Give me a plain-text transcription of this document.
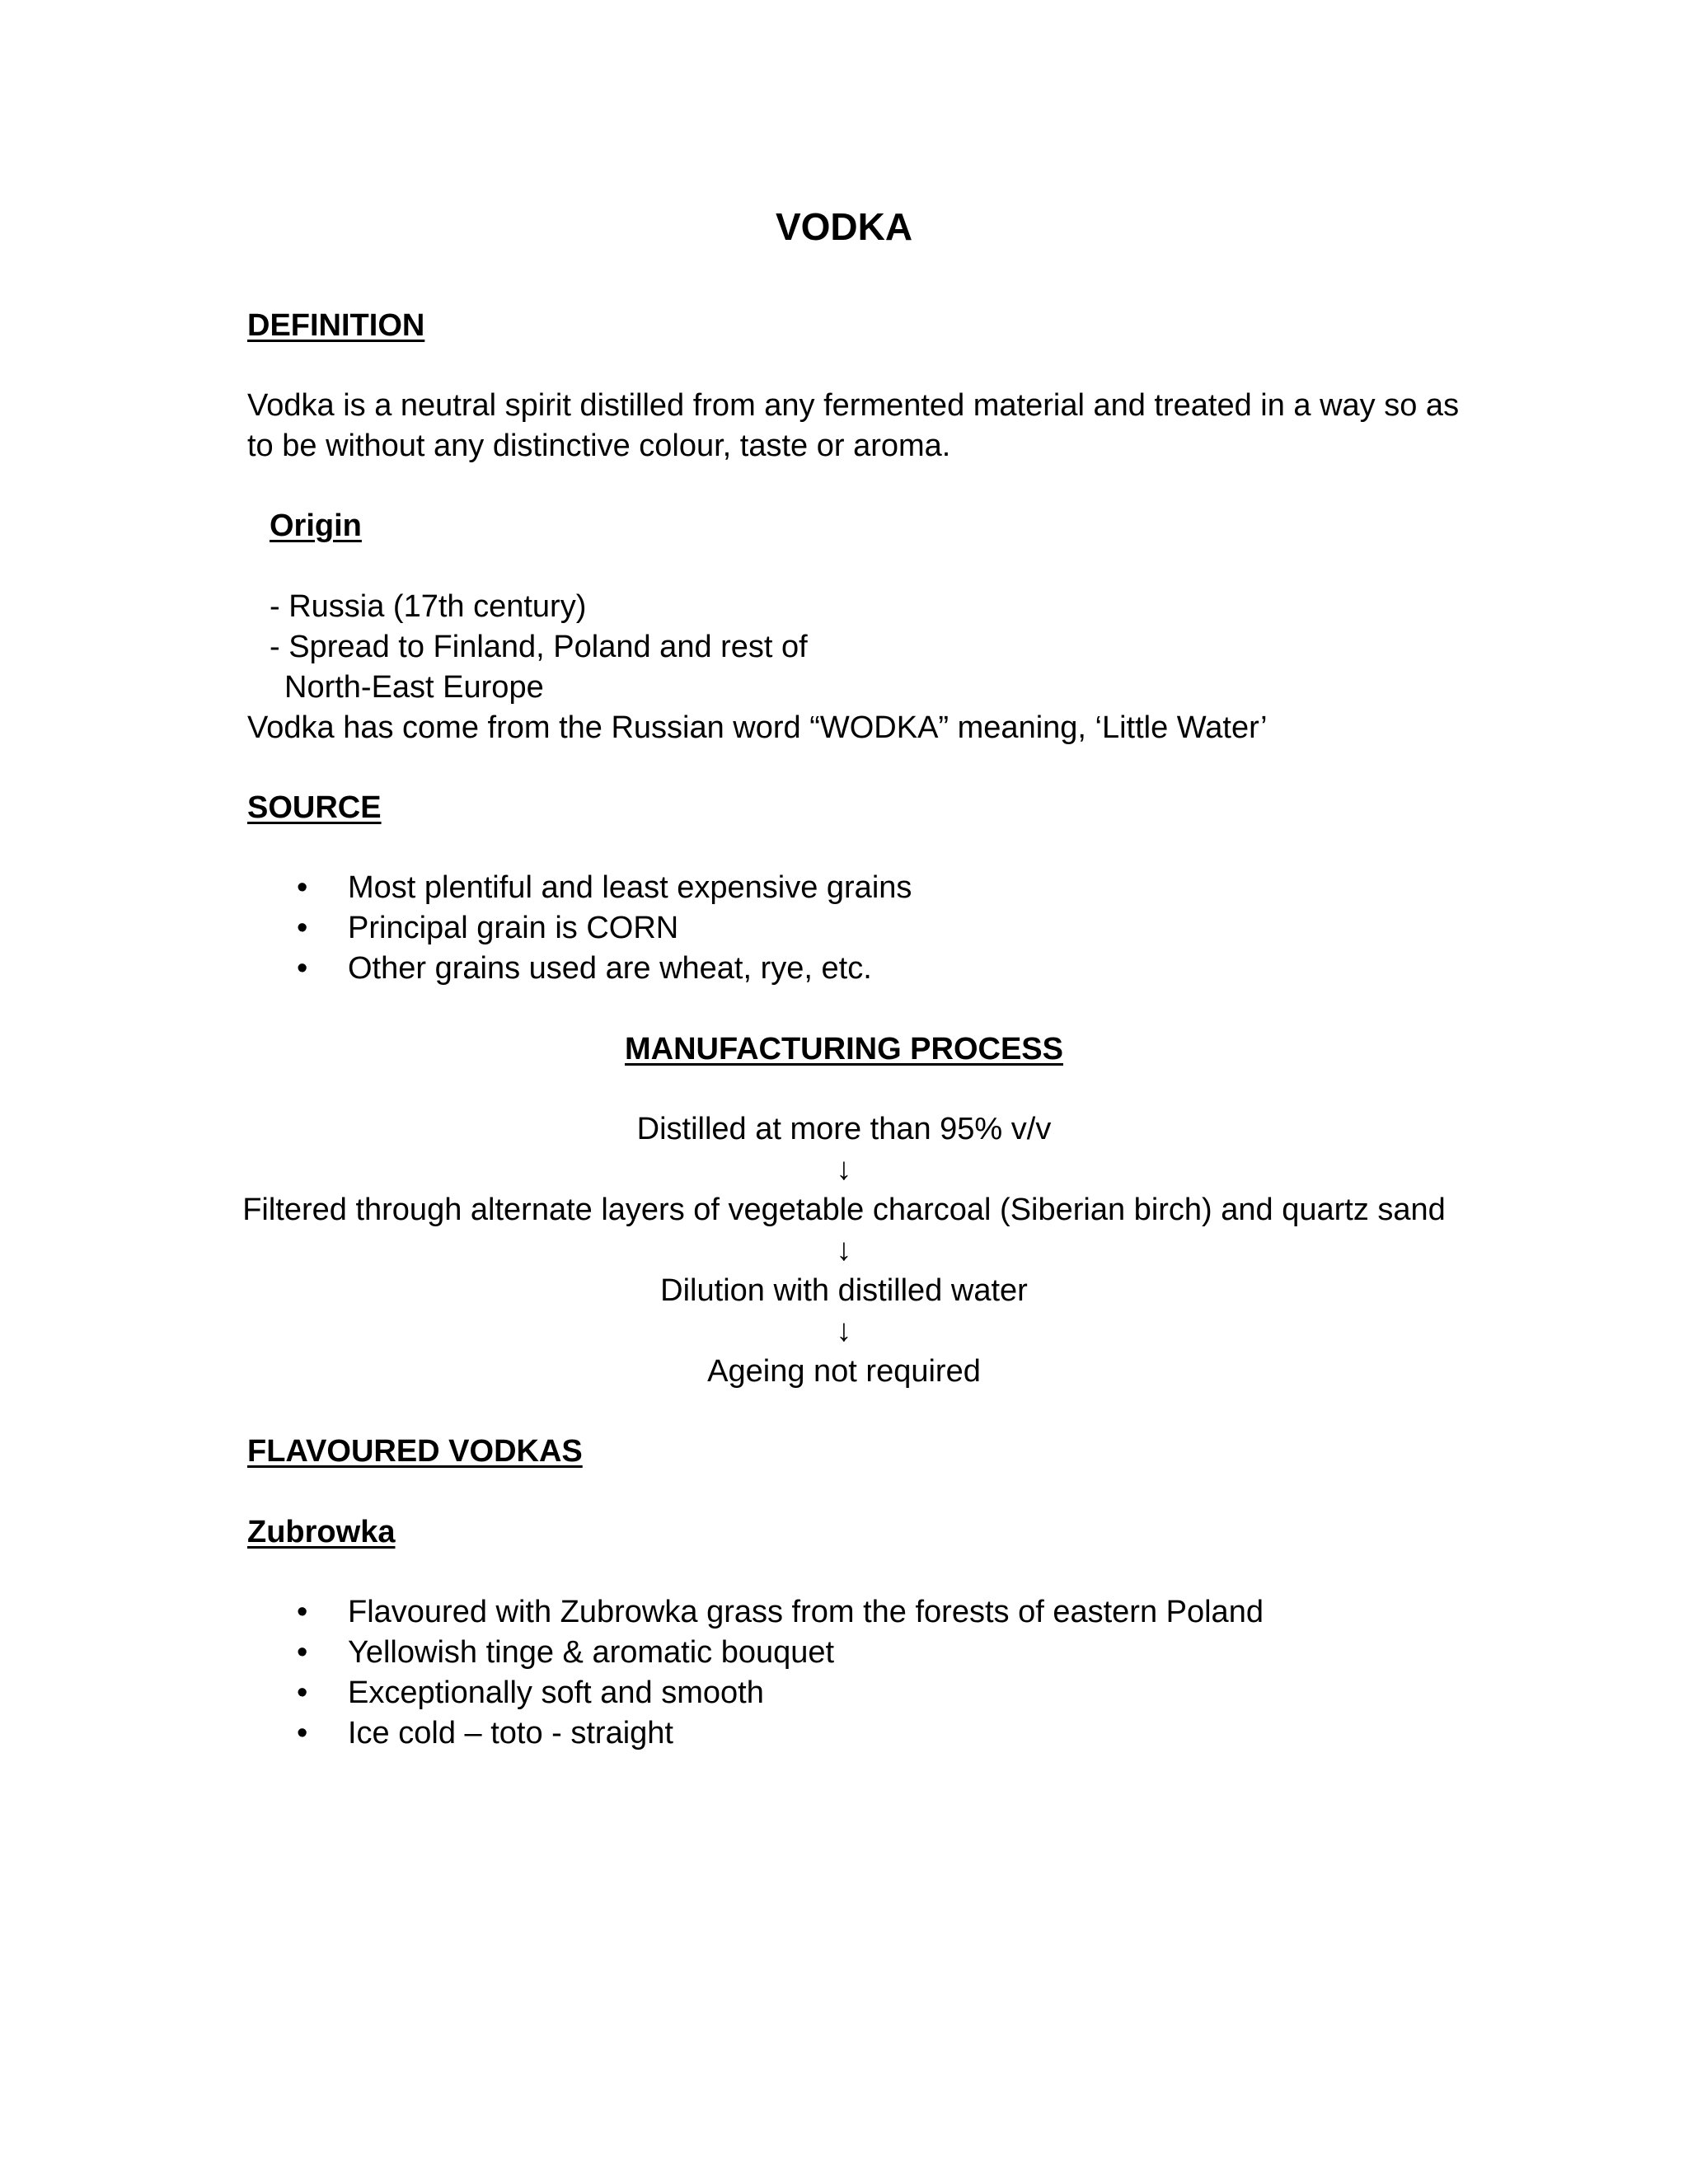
VODKA
DEFINITION
Vodka is a neutral spirit distilled from any fermented material and treated in a way so as
to be without any distinctive colour, taste or aroma.
Origin
- Russia (17th century)
- Spread to Finland, Poland and rest of
North-East Europe
Vodka has come from the Russian word “WODKA” meaning, ‘Little Water’
SOURCE
• Most plentiful and least expensive grains
• Principal grain is CORN
• Other grains used are wheat, rye, etc.
MANUFACTURING PROCESS
Distilled at more than 95% v/v
↓
Filtered through alternate layers of vegetable charcoal (Siberian birch) and quartz sand
↓
Dilution with distilled water
↓
Ageing not required
FLAVOURED VODKAS
Zubrowka
• Flavoured with Zubrowka grass from the forests of eastern Poland
• Yellowish tinge & aromatic bouquet
• Exceptionally soft and smooth
• Ice cold – toto - straight
